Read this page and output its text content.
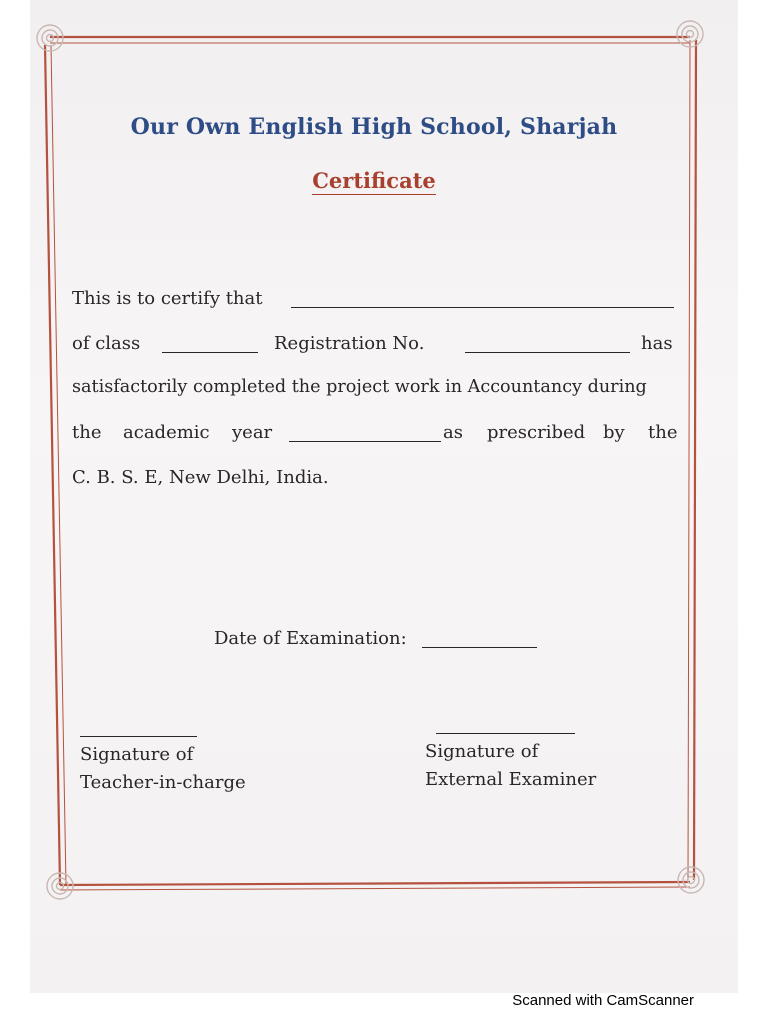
Our Own English High School, Sharjah
Certificate
This is to certify that
of class	Registration No.	has
satisfactorily completed the project work in Accountancy during
the academic year	as prescribed by the
C. B. S. E, New Delhi, India.
Date of Examination:
Signature of
Teacher-in-charge
Signature of
External Examiner
Scanned with CamScanner
